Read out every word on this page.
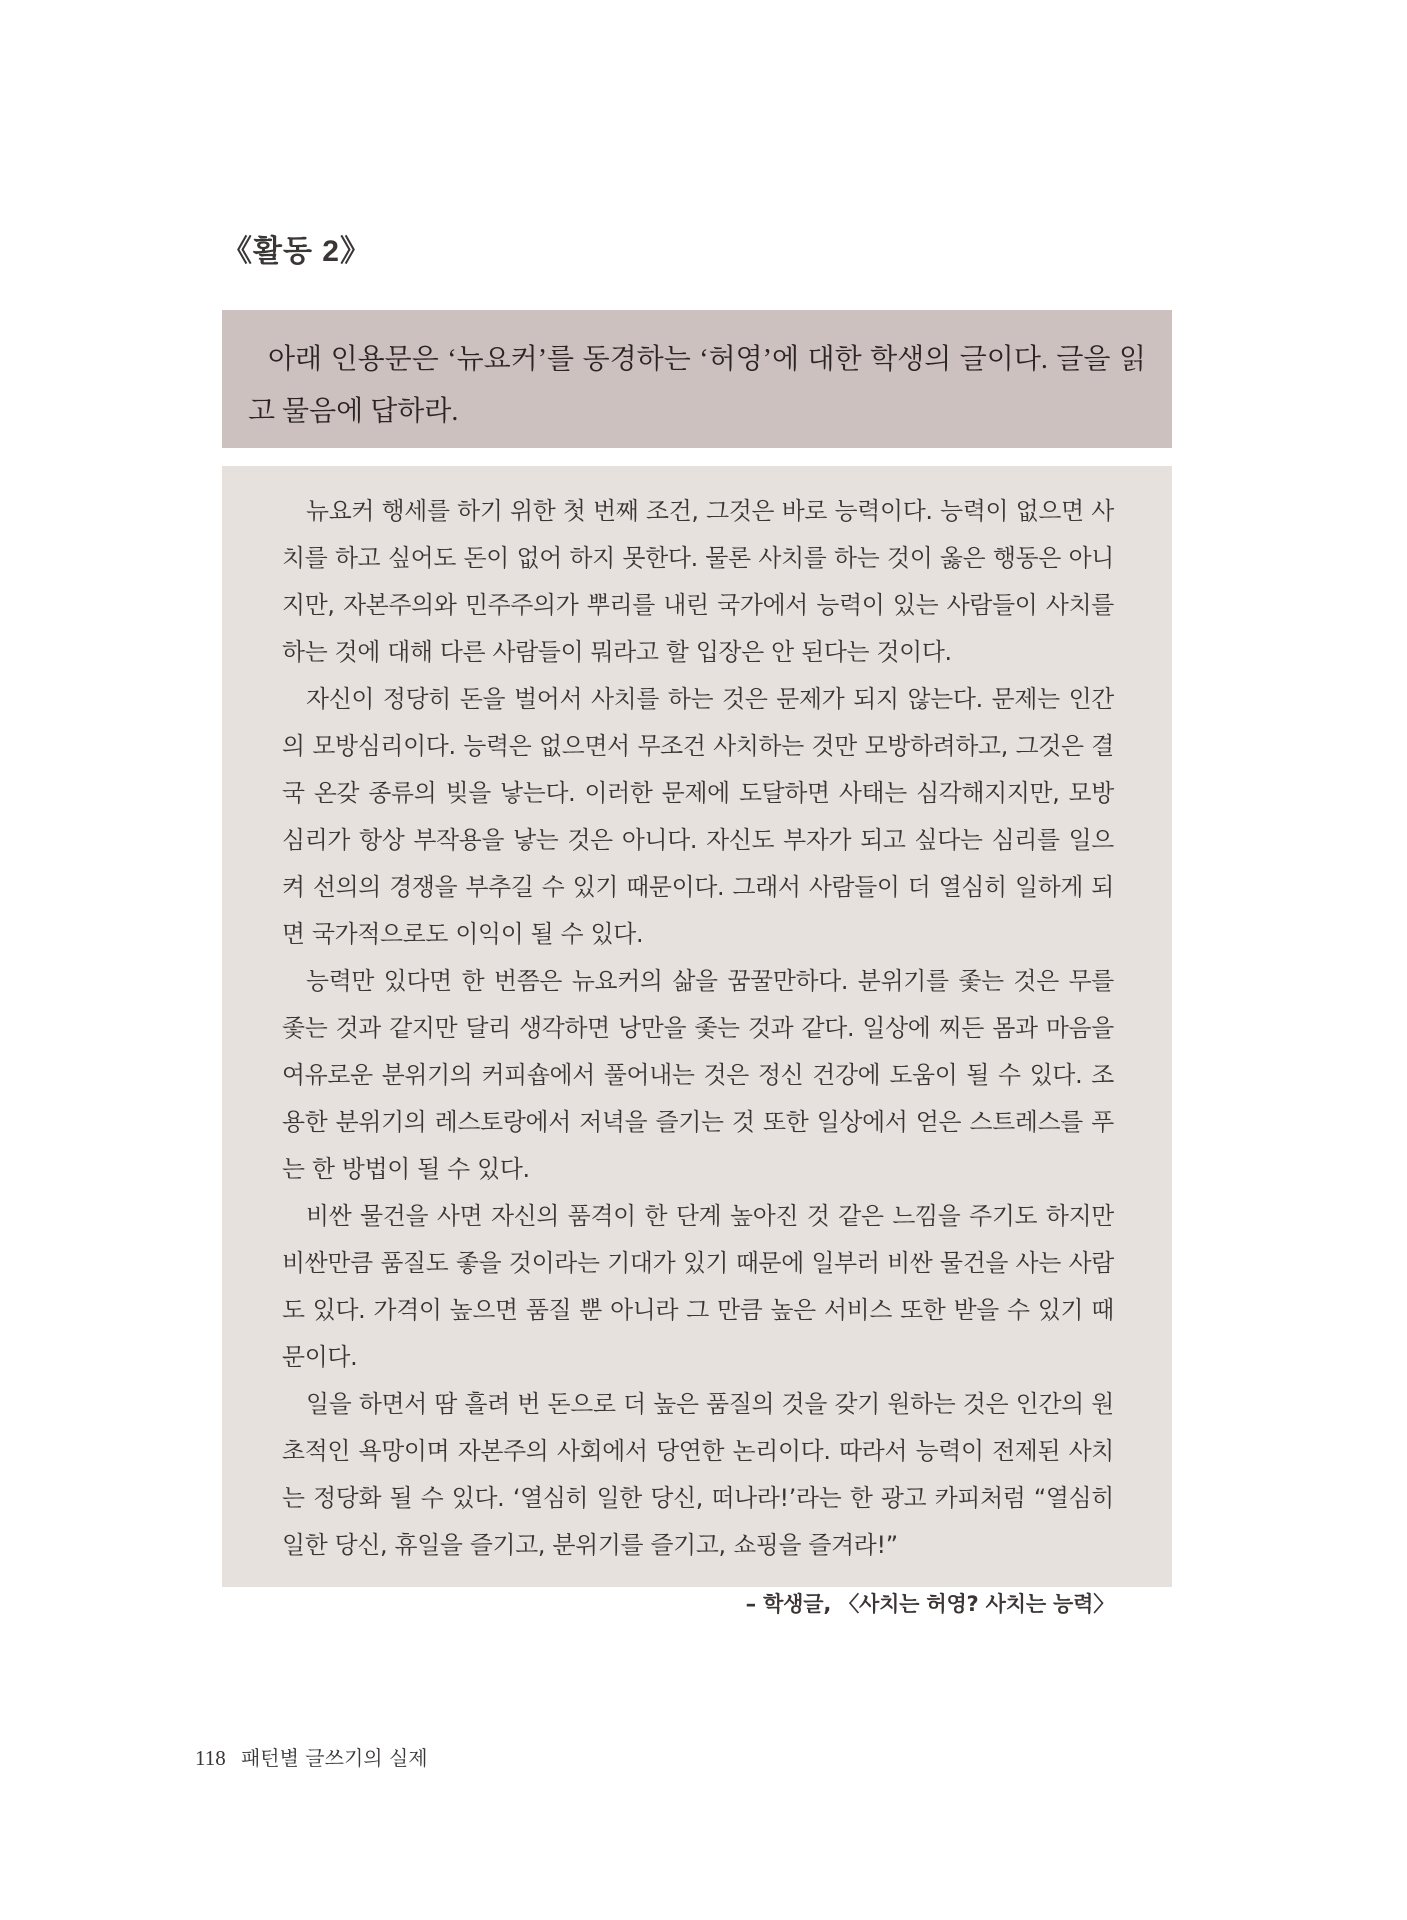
《활동 2》

아래 인용문은 ‘뉴요커’를 동경하는 ‘허영’에 대한 학생의 글이다. 글을 읽고 물음에 답하라.

뉴요커 행세를 하기 위한 첫 번째 조건, 그것은 바로 능력이다. 능력이 없으면 사치를 하고 싶어도 돈이 없어 하지 못한다. 물론 사치를 하는 것이 옳은 행동은 아니지만, 자본주의와 민주주의가 뿌리를 내린 국가에서 능력이 있는 사람들이 사치를 하는 것에 대해 다른 사람들이 뭐라고 할 입장은 안 된다는 것이다.

자신이 정당히 돈을 벌어서 사치를 하는 것은 문제가 되지 않는다. 문제는 인간의 모방심리이다. 능력은 없으면서 무조건 사치하는 것만 모방하려하고, 그것은 결국 온갖 종류의 빚을 낳는다. 이러한 문제에 도달하면 사태는 심각해지지만, 모방심리가 항상 부작용을 낳는 것은 아니다. 자신도 부자가 되고 싶다는 심리를 일으켜 선의의 경쟁을 부추길 수 있기 때문이다. 그래서 사람들이 더 열심히 일하게 되면 국가적으로도 이익이 될 수 있다.

능력만 있다면 한 번쯤은 뉴요커의 삶을 꿈꿀만하다. 분위기를 좇는 것은 무를 좇는 것과 같지만 달리 생각하면 낭만을 좇는 것과 같다. 일상에 찌든 몸과 마음을 여유로운 분위기의 커피숍에서 풀어내는 것은 정신 건강에 도움이 될 수 있다. 조용한 분위기의 레스토랑에서 저녁을 즐기는 것 또한 일상에서 얻은 스트레스를 푸는 한 방법이 될 수 있다.

비싼 물건을 사면 자신의 품격이 한 단계 높아진 것 같은 느낌을 주기도 하지만 비싼만큼 품질도 좋을 것이라는 기대가 있기 때문에 일부러 비싼 물건을 사는 사람도 있다. 가격이 높으면 품질 뿐 아니라 그 만큼 높은 서비스 또한 받을 수 있기 때문이다.

일을 하면서 땀 흘려 번 돈으로 더 높은 품질의 것을 갖기 원하는 것은 인간의 원초적인 욕망이며 자본주의 사회에서 당연한 논리이다. 따라서 능력이 전제된 사치는 정당화 될 수 있다. ‘열심히 일한 당신, 떠나라!’라는 한 광고 카피처럼 “열심히 일한 당신, 휴일을 즐기고, 분위기를 즐기고, 쇼핑을 즐겨라!”

– 학생글, 〈사치는 허영? 사치는 능력〉
118 패턴별 글쓰기의 실제
